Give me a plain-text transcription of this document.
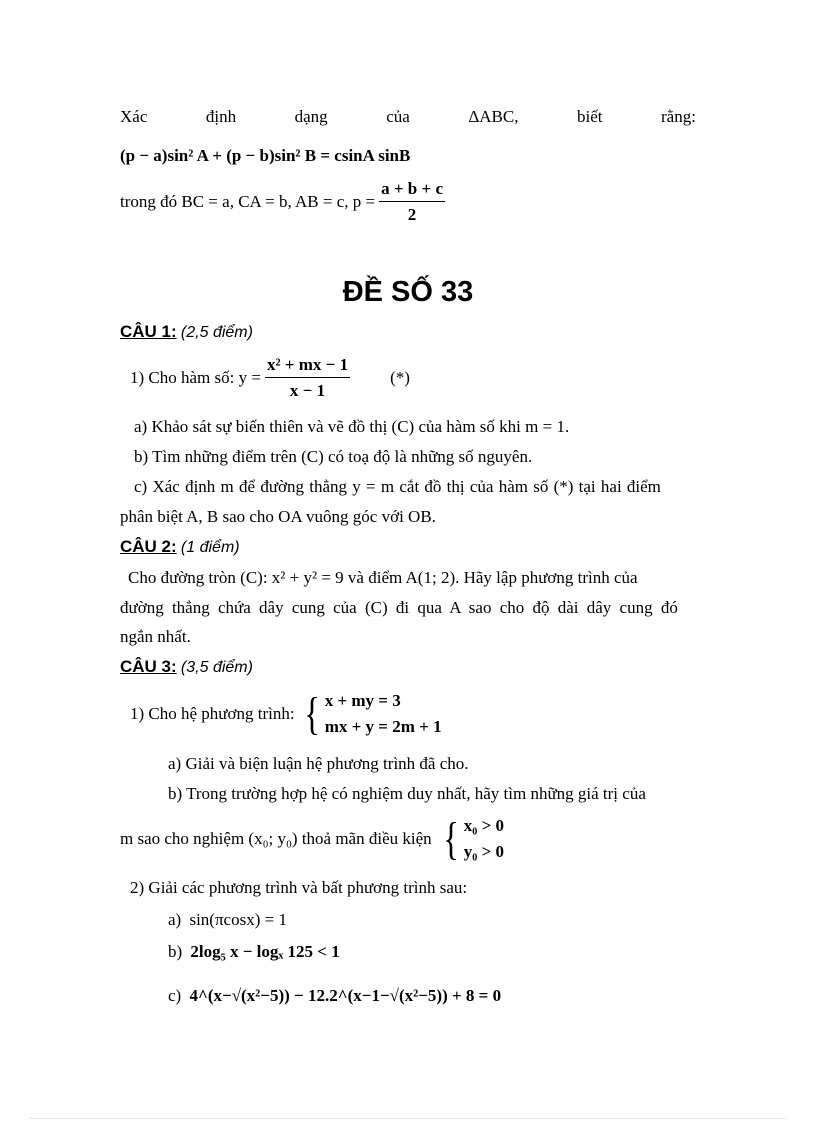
Xác	định	dạng	của	ΔABC,	biết	rằng:
(p − a)sin² A + (p − b)sin² B = csinA sinB
trong đó BC = a, CA = b, AB = c, $p = \frac{a + b + c}{2}$
ĐỀ SỐ 33
CÂU 1: (2,5 điểm)
1) Cho hàm số: $y = \frac{\text{x² + mx − 1}}{x - 1}$ (*)
a) Khảo sát sự biến thiên và vẽ đồ thị (C) của hàm số khi m = 1.
b) Tìm những điểm trên (C) có toạ độ là những số nguyên.
c) Xác định m để đường thẳng y = m cắt đồ thị của hàm số (*) tại hai điểm
phân biệt A, B sao cho OA vuông góc với OB.
CÂU 2: (1 điểm)
Cho đường tròn (C): x² + y² = 9 và điểm A(1; 2). Hãy lập phương trình của
đường thẳng chứa dây cung của (C) đi qua A sao cho độ dài dây cung đó
ngắn nhất.
CÂU 3: (3,5 điểm)
1) Cho hệ phương trình: { x + my = 3
mx + y = 2m + 1
a) Giải và biện luận hệ phương trình đã cho.
b) Trong trường hợp hệ có nghiệm duy nhất, hãy tìm những giá trị của
m sao cho nghiệm (x₀; y₀) thoả mãn điều kiện { x₀ > 0
y₀ > 0
2) Giải các phương trình và bất phương trình sau:
a) sin(πcosx) = 1
b) 2log₅ x − logₓ 125 < 1
c) 4^(x−√(x²−5)) − 12.2^(x−1−√(x²−5)) + 8 = 0
